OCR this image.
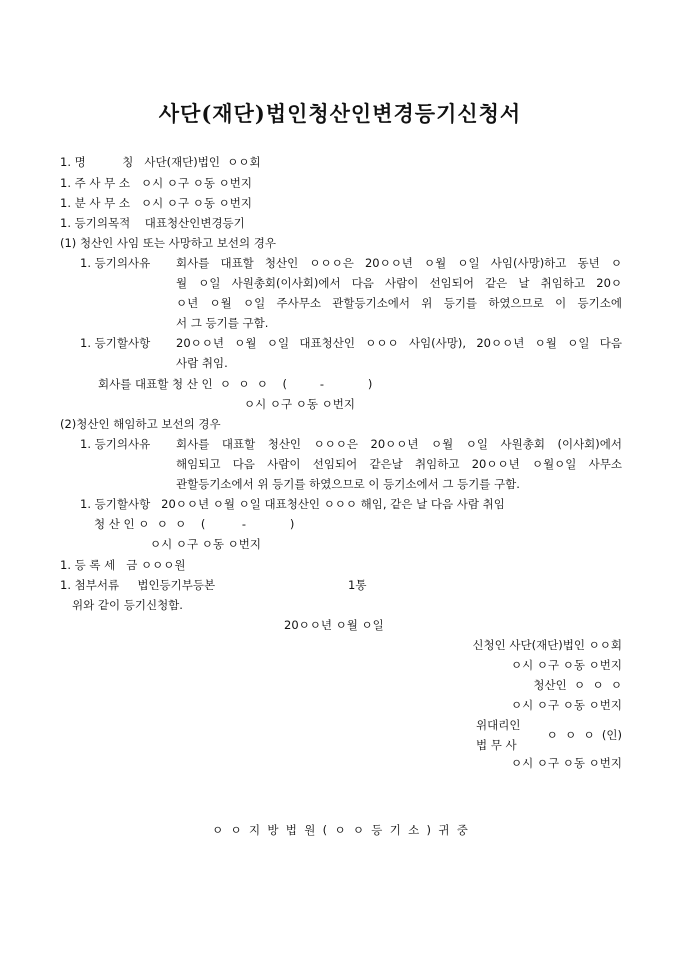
사단(재단)법인청산인변경등기신청서
1. 명          칭   사단(재단)법인  ㅇㅇ회
1. 주 사 무 소   ㅇ시 ㅇ구 ㅇ동 ㅇ번지
1. 분 사 무 소   ㅇ시 ㅇ구 ㅇ동 ㅇ번지
1. 등기의목적    대표청산인변경등기
(1) 청산인 사임 또는 사망하고 보선의 경우
1. 등기의사유 회사를 대표할 청산인 ㅇㅇㅇ은 20ㅇㅇ년 ㅇ월 ㅇ일 사임(사망)하고 동년 ㅇ
월 ㅇ일 사원총회(이사회)에서 다음 사람이 선임되어 같은 날 취임하고 20ㅇ
ㅇ년 ㅇ월 ㅇ일 주사무소 관할등기소에서 위 등기를 하였으므로 이 등기소에
서 그 등기를 구함.
1. 등기할사항 20ㅇㅇ년 ㅇ월 ㅇ일 대표청산인 ㅇㅇㅇ 사임(사망), 20ㅇㅇ년 ㅇ월 ㅇ일 다음
사람 취임.
회사를 대표할 청 산 인  ㅇ  ㅇ  ㅇ    (         -            )
ㅇ시 ㅇ구 ㅇ동 ㅇ번지
(2)청산인 해임하고 보선의 경우
1. 등기의사유 회사를 대표할 청산인 ㅇㅇㅇ은 20ㅇㅇ년 ㅇ월 ㅇ일 사원총회 (이사회)에서
해임되고 다음 사람이 선임되어 같은날 취임하고 20ㅇㅇ년 ㅇ월ㅇ일 사무소
관할등기소에서 위 등기를 하였으므로 이 등기소에서 그 등기를 구함.
1. 등기할사항   20ㅇㅇ년 ㅇ월 ㅇ일 대표청산인 ㅇㅇㅇ 해임, 같은 날 다음 사람 취임
청 산 인 ㅇ  ㅇ  ㅇ    (          -            )
ㅇ시 ㅇ구 ㅇ동 ㅇ번지
1. 등 록 세   금 ㅇㅇㅇ원
1. 첨부서류     법인등기부등본	1통
위와 같이 등기신청함.
20ㅇㅇ년 ㅇ월 ㅇ일
신청인 사단(재단)법인 ㅇㅇ회
ㅇ시 ㅇ구 ㅇ동 ㅇ번지
청산인  ㅇ  ㅇ  ㅇ
ㅇ시 ㅇ구 ㅇ동 ㅇ번지
위대리인
법 무 사
ㅇ  ㅇ  ㅇ  (인)
ㅇ시 ㅇ구 ㅇ동 ㅇ번지
ㅇ  ㅇ  지  방  법  원  (  ㅇ  ㅇ  등  기  소  )  귀  중
